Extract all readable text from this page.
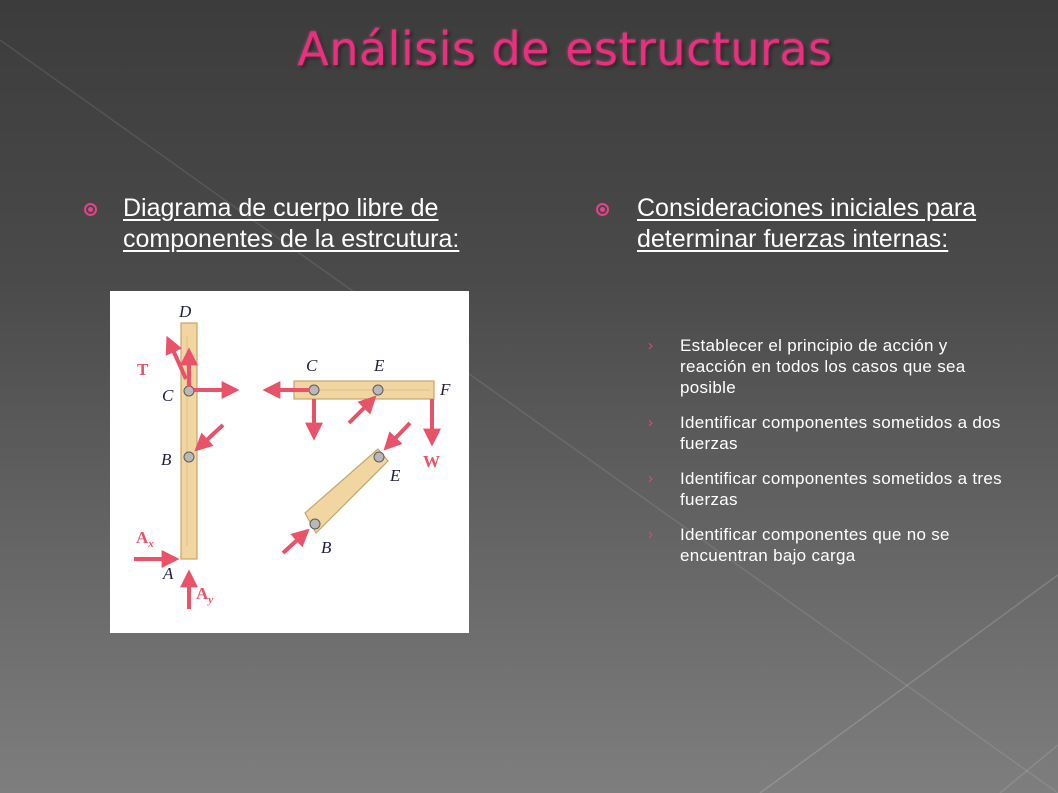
Análisis de estructuras
Diagrama de cuerpo libre de componentes de la estrcutura:
Consideraciones iniciales para determinar fuerzas internas:
D
C
B
A
C	E
F
E
B
T
$A_x$
$A_y$
W
› Establecer el principio de acción y reacción en todos los casos que sea posible
› Identificar componentes sometidos a dos fuerzas
› Identificar componentes sometidos a tres fuerzas
› Identificar componentes que no se encuentran bajo carga
